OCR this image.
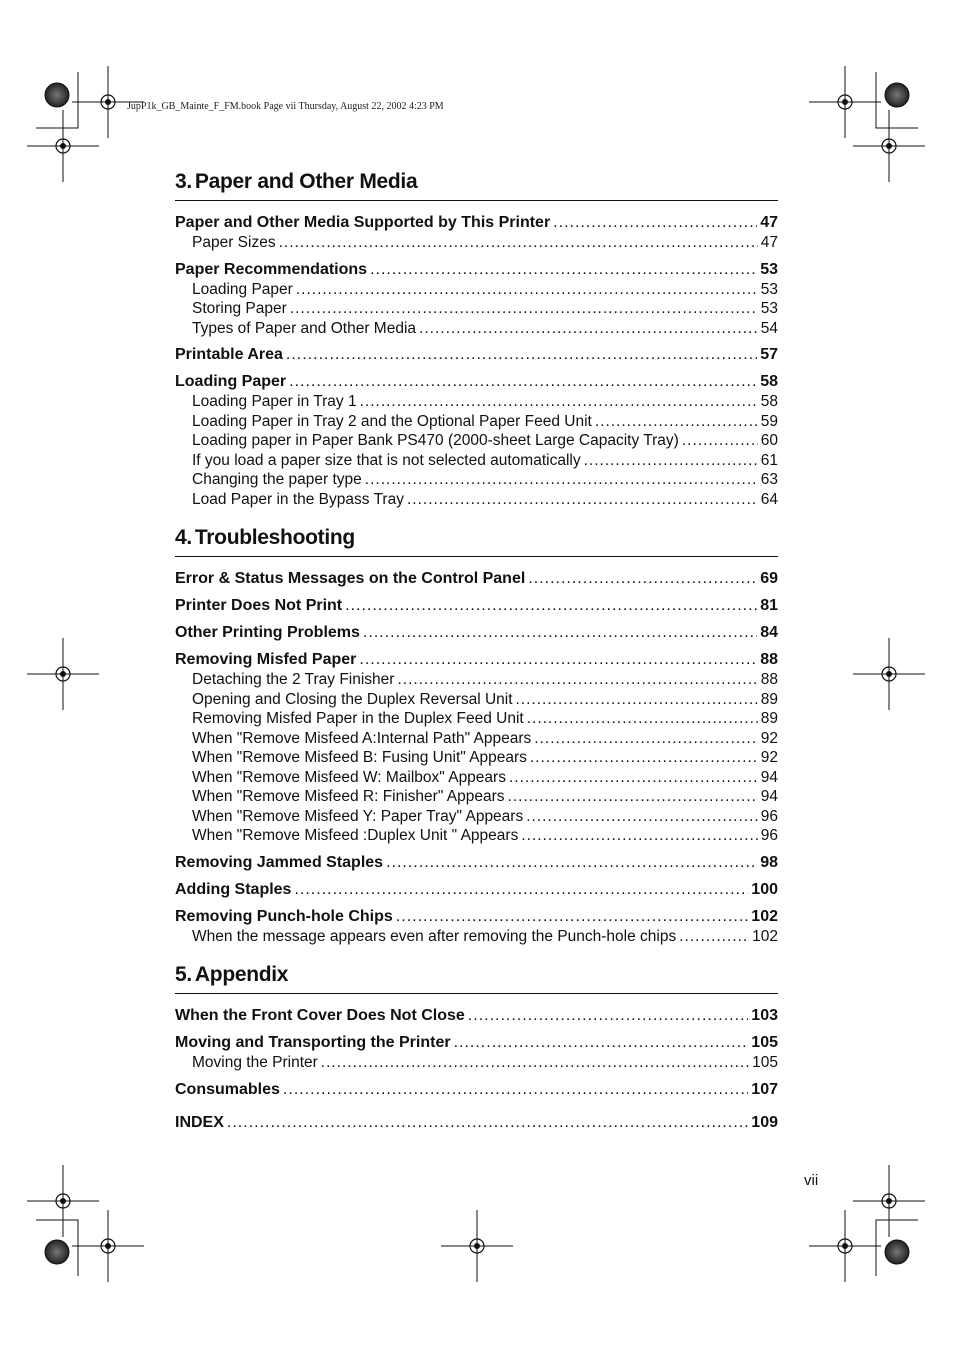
JupP1k_GB_Mainte_F_FM.book Page vii Thursday, August 22, 2002 4:23 PM
3. Paper and Other Media
Paper and Other Media Supported by This Printer .....	47
Paper Sizes .....	47
Paper Recommendations .....	53
Loading Paper .....	53
Storing Paper .....	53
Types of Paper and Other Media .....	54
Printable Area .....	57
Loading Paper .....	58
Loading Paper in Tray 1 .....	58
Loading Paper in Tray 2 and the Optional Paper Feed Unit .....	59
Loading paper in Paper Bank PS470 (2000-sheet Large Capacity Tray) .....	60
If you load a paper size that is not selected automatically .....	61
Changing the paper type .....	63
Load Paper in the Bypass Tray .....	64
4. Troubleshooting
Error & Status Messages on the Control Panel .....	69
Printer Does Not Print .....	81
Other Printing Problems .....	84
Removing Misfed Paper .....	88
Detaching the 2 Tray Finisher .....	88
Opening and Closing the Duplex Reversal Unit .....	89
Removing Misfed Paper in the Duplex Feed Unit .....	89
When "Remove Misfeed A:Internal Path" Appears .....	92
When "Remove Misfeed B: Fusing Unit" Appears .....	92
When "Remove Misfeed W: Mailbox" Appears .....	94
When "Remove Misfeed R: Finisher" Appears .....	94
When "Remove Misfeed Y: Paper Tray" Appears .....	96
When "Remove Misfeed :Duplex Unit " Appears .....	96
Removing Jammed Staples .....	98
Adding Staples .....	100
Removing Punch-hole Chips .....	102
When the message appears even after removing the Punch-hole chips .....	102
5. Appendix
When the Front Cover Does Not Close .....	103
Moving and Transporting the Printer .....	105
Moving the Printer .....	105
Consumables .....	107
INDEX .....	109
vii
